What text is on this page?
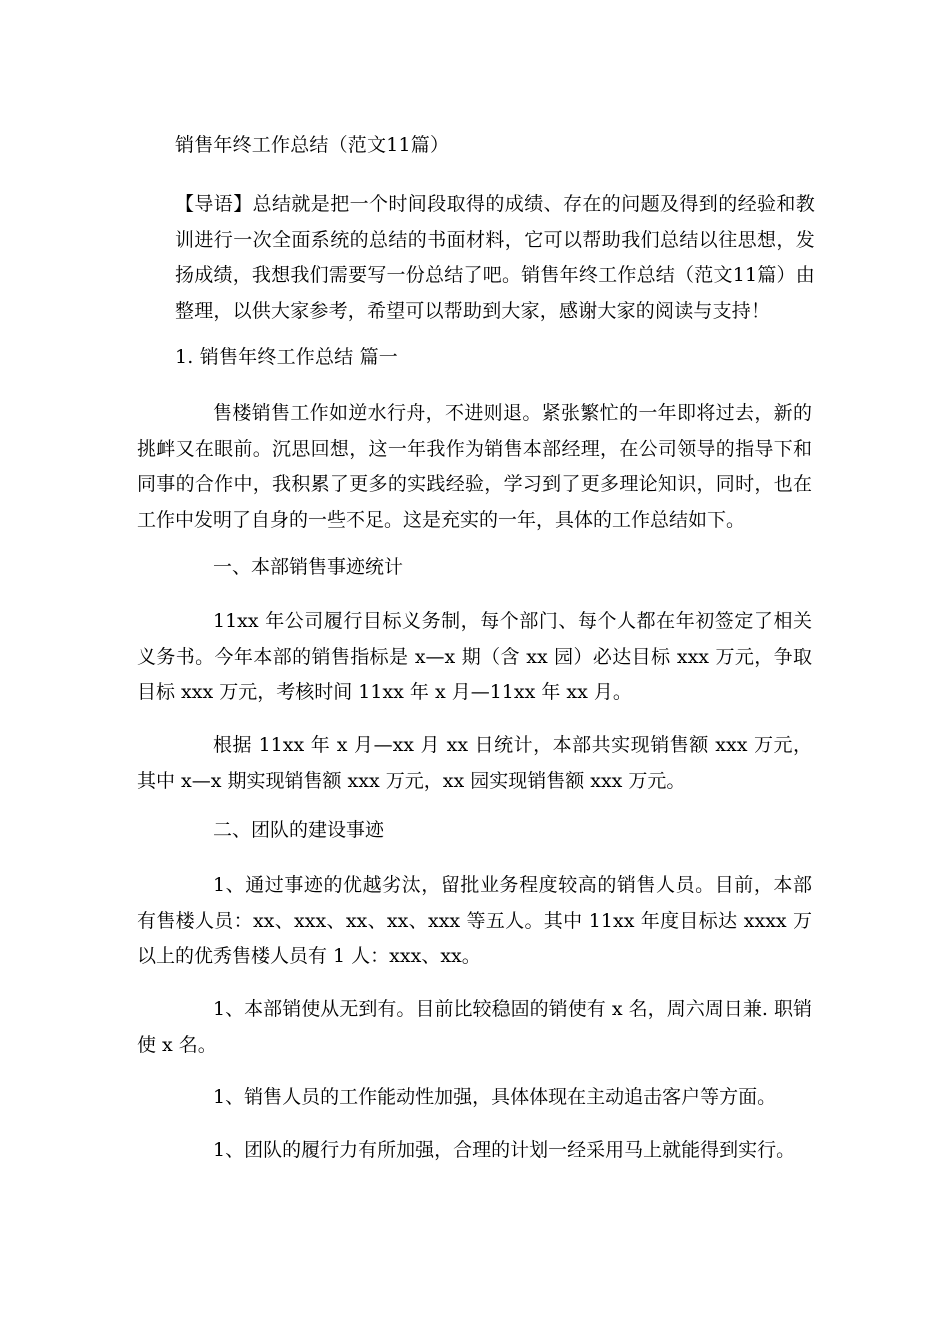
销售年终工作总结（范文11篇）
【导语】总结就是把一个时间段取得的成绩、存在的问题及得到的经验和教训进行一次全面系统的总结的书面材料，它可以帮助我们总结以往思想，发扬成绩，我想我们需要写一份总结了吧。销售年终工作总结（范文11篇）由整理，以供大家参考，希望可以帮助到大家，感谢大家的阅读与支持！
1. 销售年终工作总结 篇一
售楼销售工作如逆水行舟，不进则退。紧张繁忙的一年即将过去，新的挑衅又在眼前。沉思回想，这一年我作为销售本部经理，在公司领导的指导下和同事的合作中，我积累了更多的实践经验，学习到了更多理论知识，同时，也在工作中发明了自身的一些不足。这是充实的一年，具体的工作总结如下。
一、本部销售事迹统计
11xx 年公司履行目标义务制，每个部门、每个人都在年初签定了相关义务书。今年本部的销售指标是 x—x 期（含 xx 园）必达目标 xxx 万元，争取目标 xxx 万元，考核时间 11xx 年 x 月—11xx 年 xx 月。
根据 11xx 年 x 月—xx 月 xx 日统计，本部共实现销售额 xxx 万元，其中 x—x 期实现销售额 xxx 万元，xx 园实现销售额 xxx 万元。
二、团队的建设事迹
1、通过事迹的优越劣汰，留批业务程度较高的销售人员。目前，本部有售楼人员：xx、xxx、xx、xx、xxx 等五人。其中 11xx 年度目标达 xxxx 万以上的优秀售楼人员有 1 人：xxx、xx。
1、本部销使从无到有。目前比较稳固的销使有 x 名，周六周日兼. 职销使 x 名。
1、销售人员的工作能动性加强，具体体现在主动追击客户等方面。
1、团队的履行力有所加强，合理的计划一经采用马上就能得到实行。
